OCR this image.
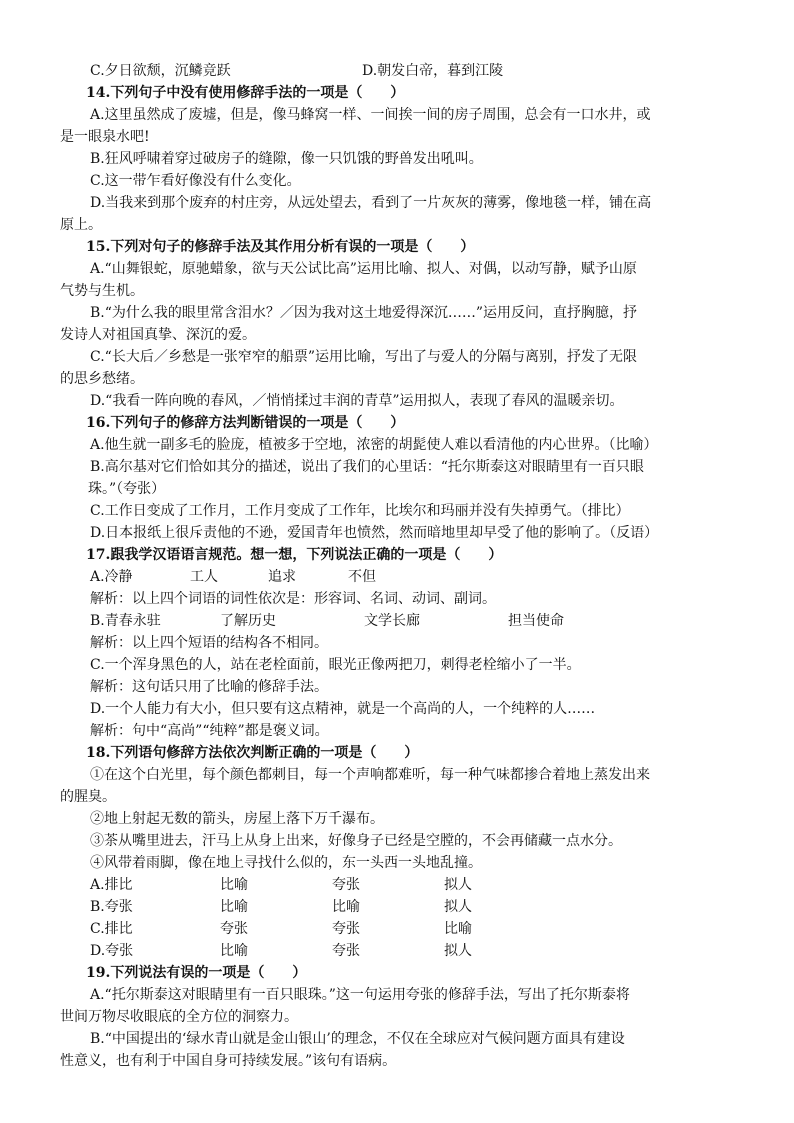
C.夕日欲颓，沉鳞竞跃	D.朝发白帝，暮到江陵
14.下列句子中没有使用修辞手法的一项是（　　）
A.这里虽然成了废墟，但是，像马蜂窝一样、一间挨一间的房子周围，总会有一口水井，或
是一眼泉水吧!
B.狂风呼啸着穿过破房子的缝隙，像一只饥饿的野兽发出吼叫。
C.这一带乍看好像没有什么变化。
D.当我来到那个废弃的村庄旁，从远处望去，看到了一片灰灰的薄雾，像地毯一样，铺在高
原上。
15.下列对句子的修辞手法及其作用分析有误的一项是（　　）
A.“山舞银蛇，原驰蜡象，欲与天公试比高”运用比喻、拟人、对偶，以动写静，赋予山原
气势与生机。
B.“为什么我的眼里常含泪水？／因为我对这土地爱得深沉……”运用反问，直抒胸臆，抒
发诗人对祖国真挚、深沉的爱。
C.“长大后／乡愁是一张窄窄的船票”运用比喻，写出了与爱人的分隔与离别，抒发了无限
的思乡愁绪。
D.“我看一阵向晚的春风，／悄悄揉过丰润的青草”运用拟人，表现了春风的温暖亲切。
16.下列句子的修辞方法判断错误的一项是（　　）
A.他生就一副多毛的脸庞，植被多于空地，浓密的胡髭使人难以看清他的内心世界。（比喻）
B.高尔基对它们恰如其分的描述，说出了我们的心里话：“托尔斯泰这对眼睛里有一百只眼
珠。”（夸张）
C.工作日变成了工作月，工作月变成了工作年，比埃尔和玛丽并没有失掉勇气。（排比）
D.日本报纸上很斥责他的不逊，爱国青年也愤然，然而暗地里却早受了他的影响了。（反语）
17.跟我学汉语语言规范。想一想，下列说法正确的一项是（　　）
A.冷静	工人	追求	不但
解析：以上四个词语的词性依次是：形容词、名词、动词、副词。
B.青春永驻	了解历史	文学长廊	担当使命
解析：以上四个短语的结构各不相同。
C.一个浑身黑色的人，站在老栓面前，眼光正像两把刀，刺得老栓缩小了一半。
解析：这句话只用了比喻的修辞手法。
D.一个人能力有大小，但只要有这点精神，就是一个高尚的人，一个纯粹的人……
解析：句中“高尚”“纯粹”都是褒义词。
18.下列语句修辞方法依次判断正确的一项是（　　）
①在这个白光里，每个颜色都刺目，每一个声响都难听，每一种气味都掺合着地上蒸发出来
的腥臭。
②地上射起无数的箭头，房屋上落下万千瀑布。
③茶从嘴里进去，汗马上从身上出来，好像身子已经是空膛的，不会再储藏一点水分。
④风带着雨脚，像在地上寻找什么似的，东一头西一头地乱撞。
A.排比	比喻	夸张	拟人
B.夸张	比喻	比喻	拟人
C.排比	夸张	夸张	比喻
D.夸张	比喻	夸张	拟人
19.下列说法有误的一项是（　　）
A.“托尔斯泰这对眼睛里有一百只眼珠。”这一句运用夸张的修辞手法，写出了托尔斯泰将
世间万物尽收眼底的全方位的洞察力。
B.“中国提出的‘绿水青山就是金山银山’的理念，不仅在全球应对气候问题方面具有建设
性意义，也有利于中国自身可持续发展。”该句有语病。
